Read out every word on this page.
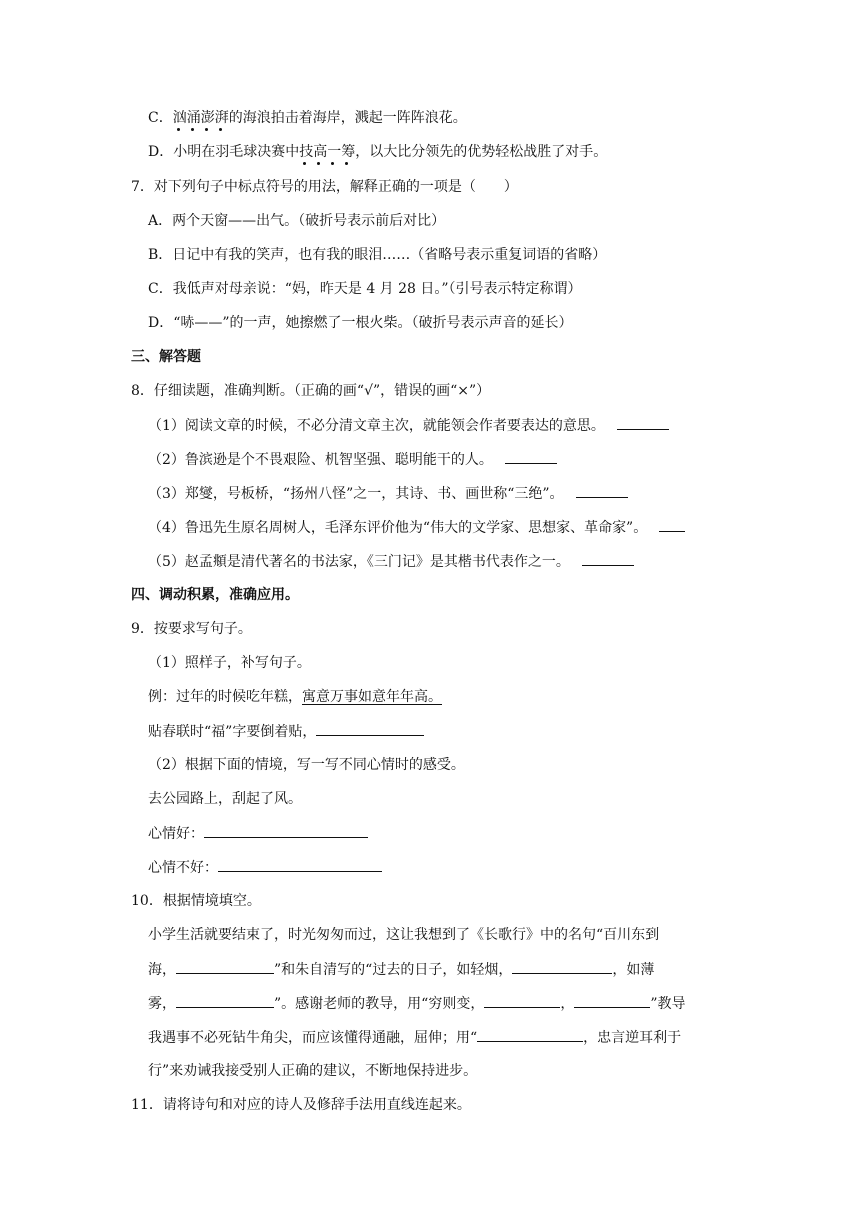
C．汹涌澎湃的海浪拍击着海岸，溅起一阵阵浪花。
D．小明在羽毛球决赛中技高一筹，以大比分领先的优势轻松战胜了对手。
7．对下列句子中标点符号的用法，解释正确的一项是（　　）
A．两个天窗——出气。（破折号表示前后对比）
B．日记中有我的笑声，也有我的眼泪……（省略号表示重复词语的省略）
C．我低声对母亲说：“妈，昨天是 4 月 28 日。”（引号表示特定称谓）
D．“哧——”的一声，她擦燃了一根火柴。（破折号表示声音的延长）
三、解答题
8．仔细读题，准确判断。（正确的画“√”，错误的画“×”）
（1）阅读文章的时候，不必分清文章主次，就能领会作者要表达的意思。
（2）鲁滨逊是个不畏艰险、机智坚强、聪明能干的人。
（3）郑燮，号板桥，“扬州八怪”之一，其诗、书、画世称“三绝”。
（4）鲁迅先生原名周树人，毛泽东评价他为“伟大的文学家、思想家、革命家”。
（5）赵孟頫是清代著名的书法家，《三门记》是其楷书代表作之一。
四、调动积累，准确应用。
9．按要求写句子。
（1）照样子，补写句子。
例：过年的时候吃年糕，寓意万事如意年年高。
贴春联时“福”字要倒着贴，
（2）根据下面的情境，写一写不同心情时的感受。
去公园路上，刮起了风。
心情好：
心情不好：
10．根据情境填空。
小学生活就要结束了，时光匆匆而过，这让我想到了《长歌行》中的名句“百川东到
海，	”和朱自清写的“过去的日子，如轻烟，	，如薄
雾，	”。感谢老师的教导，用“穷则变，	，	”教导
我遇事不必死钻牛角尖，而应该懂得通融，屈伸；用“	，忠言逆耳利于
行”来劝诫我接受别人正确的建议，不断地保持进步。
11．请将诗句和对应的诗人及修辞手法用直线连起来。
